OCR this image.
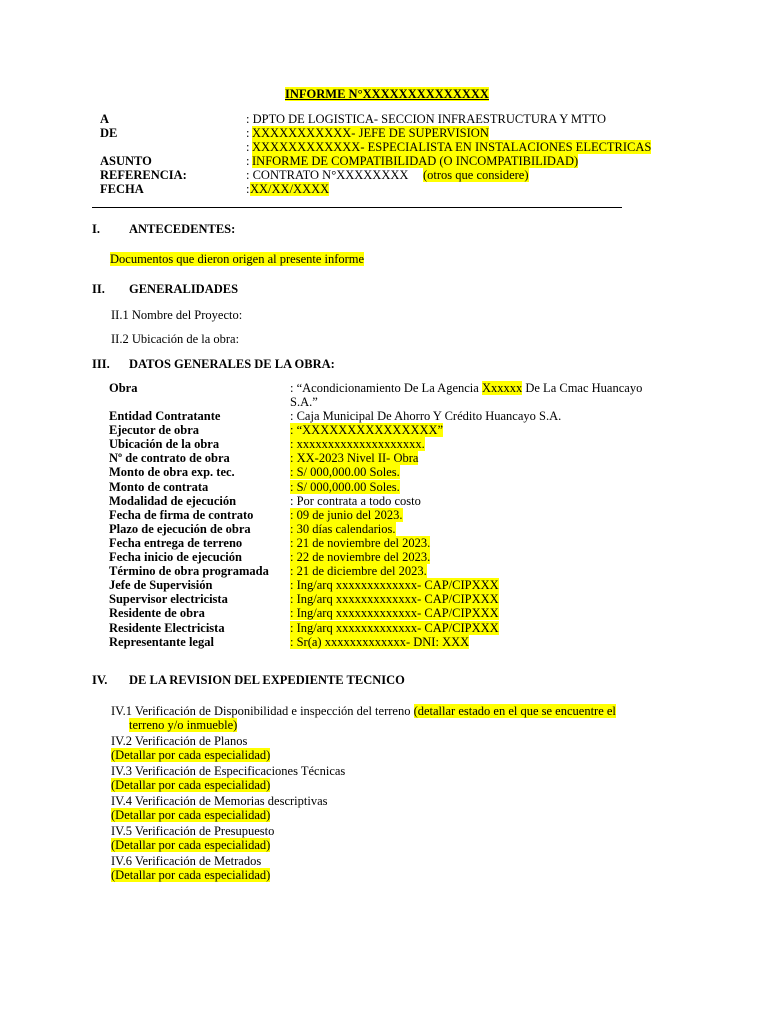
INFORME N°XXXXXXXXXXXXXX
A	: DPTO DE LOGISTICA- SECCION INFRAESTRUCTURA Y MTTO
DE	: XXXXXXXXXXX- JEFE DE SUPERVISION
: XXXXXXXXXXXX- ESPECIALISTA EN INSTALACIONES ELECTRICAS
ASUNTO	: INFORME DE COMPATIBILIDAD (O INCOMPATIBILIDAD)
REFERENCIA:	: CONTRATO N°XXXXXXXX (otros que considere)
FECHA	: XX/XX/XXXX
I. ANTECEDENTES:
Documentos que dieron origen al presente informe
II. GENERALIDADES
II.1 Nombre del Proyecto:
II.2 Ubicación de la obra:
III. DATOS GENERALES DE LA OBRA:
Obra	: “Acondicionamiento De La Agencia Xxxxxx De La Cmac Huancayo
S.A.”
Entidad Contratante	: Caja Municipal De Ahorro Y Crédito Huancayo S.A.
Ejecutor de obra	: “XXXXXXXXXXXXXXX”
Ubicación de la obra	: xxxxxxxxxxxxxxxxxxxx.
Nº de contrato de obra	: XX-2023 Nivel II- Obra
Monto de obra exp. tec.	: S/ 000,000.00 Soles.
Monto de contrata	: S/ 000,000.00 Soles.
Modalidad de ejecución	: Por contrata a todo costo
Fecha de firma de contrato	: 09 de junio del 2023.
Plazo de ejecución de obra	: 30 días calendarios.
Fecha entrega de terreno	: 21 de noviembre del 2023.
Fecha inicio de ejecución	: 22 de noviembre del 2023.
Término de obra programada : 21 de diciembre del 2023.
Jefe de Supervisión	: Ing/arq xxxxxxxxxxxxx- CAP/CIPXXX
Supervisor electricista	: Ing/arq xxxxxxxxxxxxx- CAP/CIPXXX
Residente de obra	: Ing/arq xxxxxxxxxxxxx- CAP/CIPXXX
Residente Electricista	: Ing/arq xxxxxxxxxxxxx- CAP/CIPXXX
Representante legal	: Sr(a) xxxxxxxxxxxxx- DNI: XXX
IV. DE LA REVISION DEL EXPEDIENTE TECNICO
IV.1 Verificación de Disponibilidad e inspección del terreno (detallar estado en el que se encuentre el
terreno y/o inmueble)
IV.2 Verificación de Planos
(Detallar por cada especialidad)
IV.3 Verificación de Especificaciones Técnicas
(Detallar por cada especialidad)
IV.4 Verificación de Memorias descriptivas
(Detallar por cada especialidad)
IV.5 Verificación de Presupuesto
(Detallar por cada especialidad)
IV.6 Verificación de Metrados
(Detallar por cada especialidad)
